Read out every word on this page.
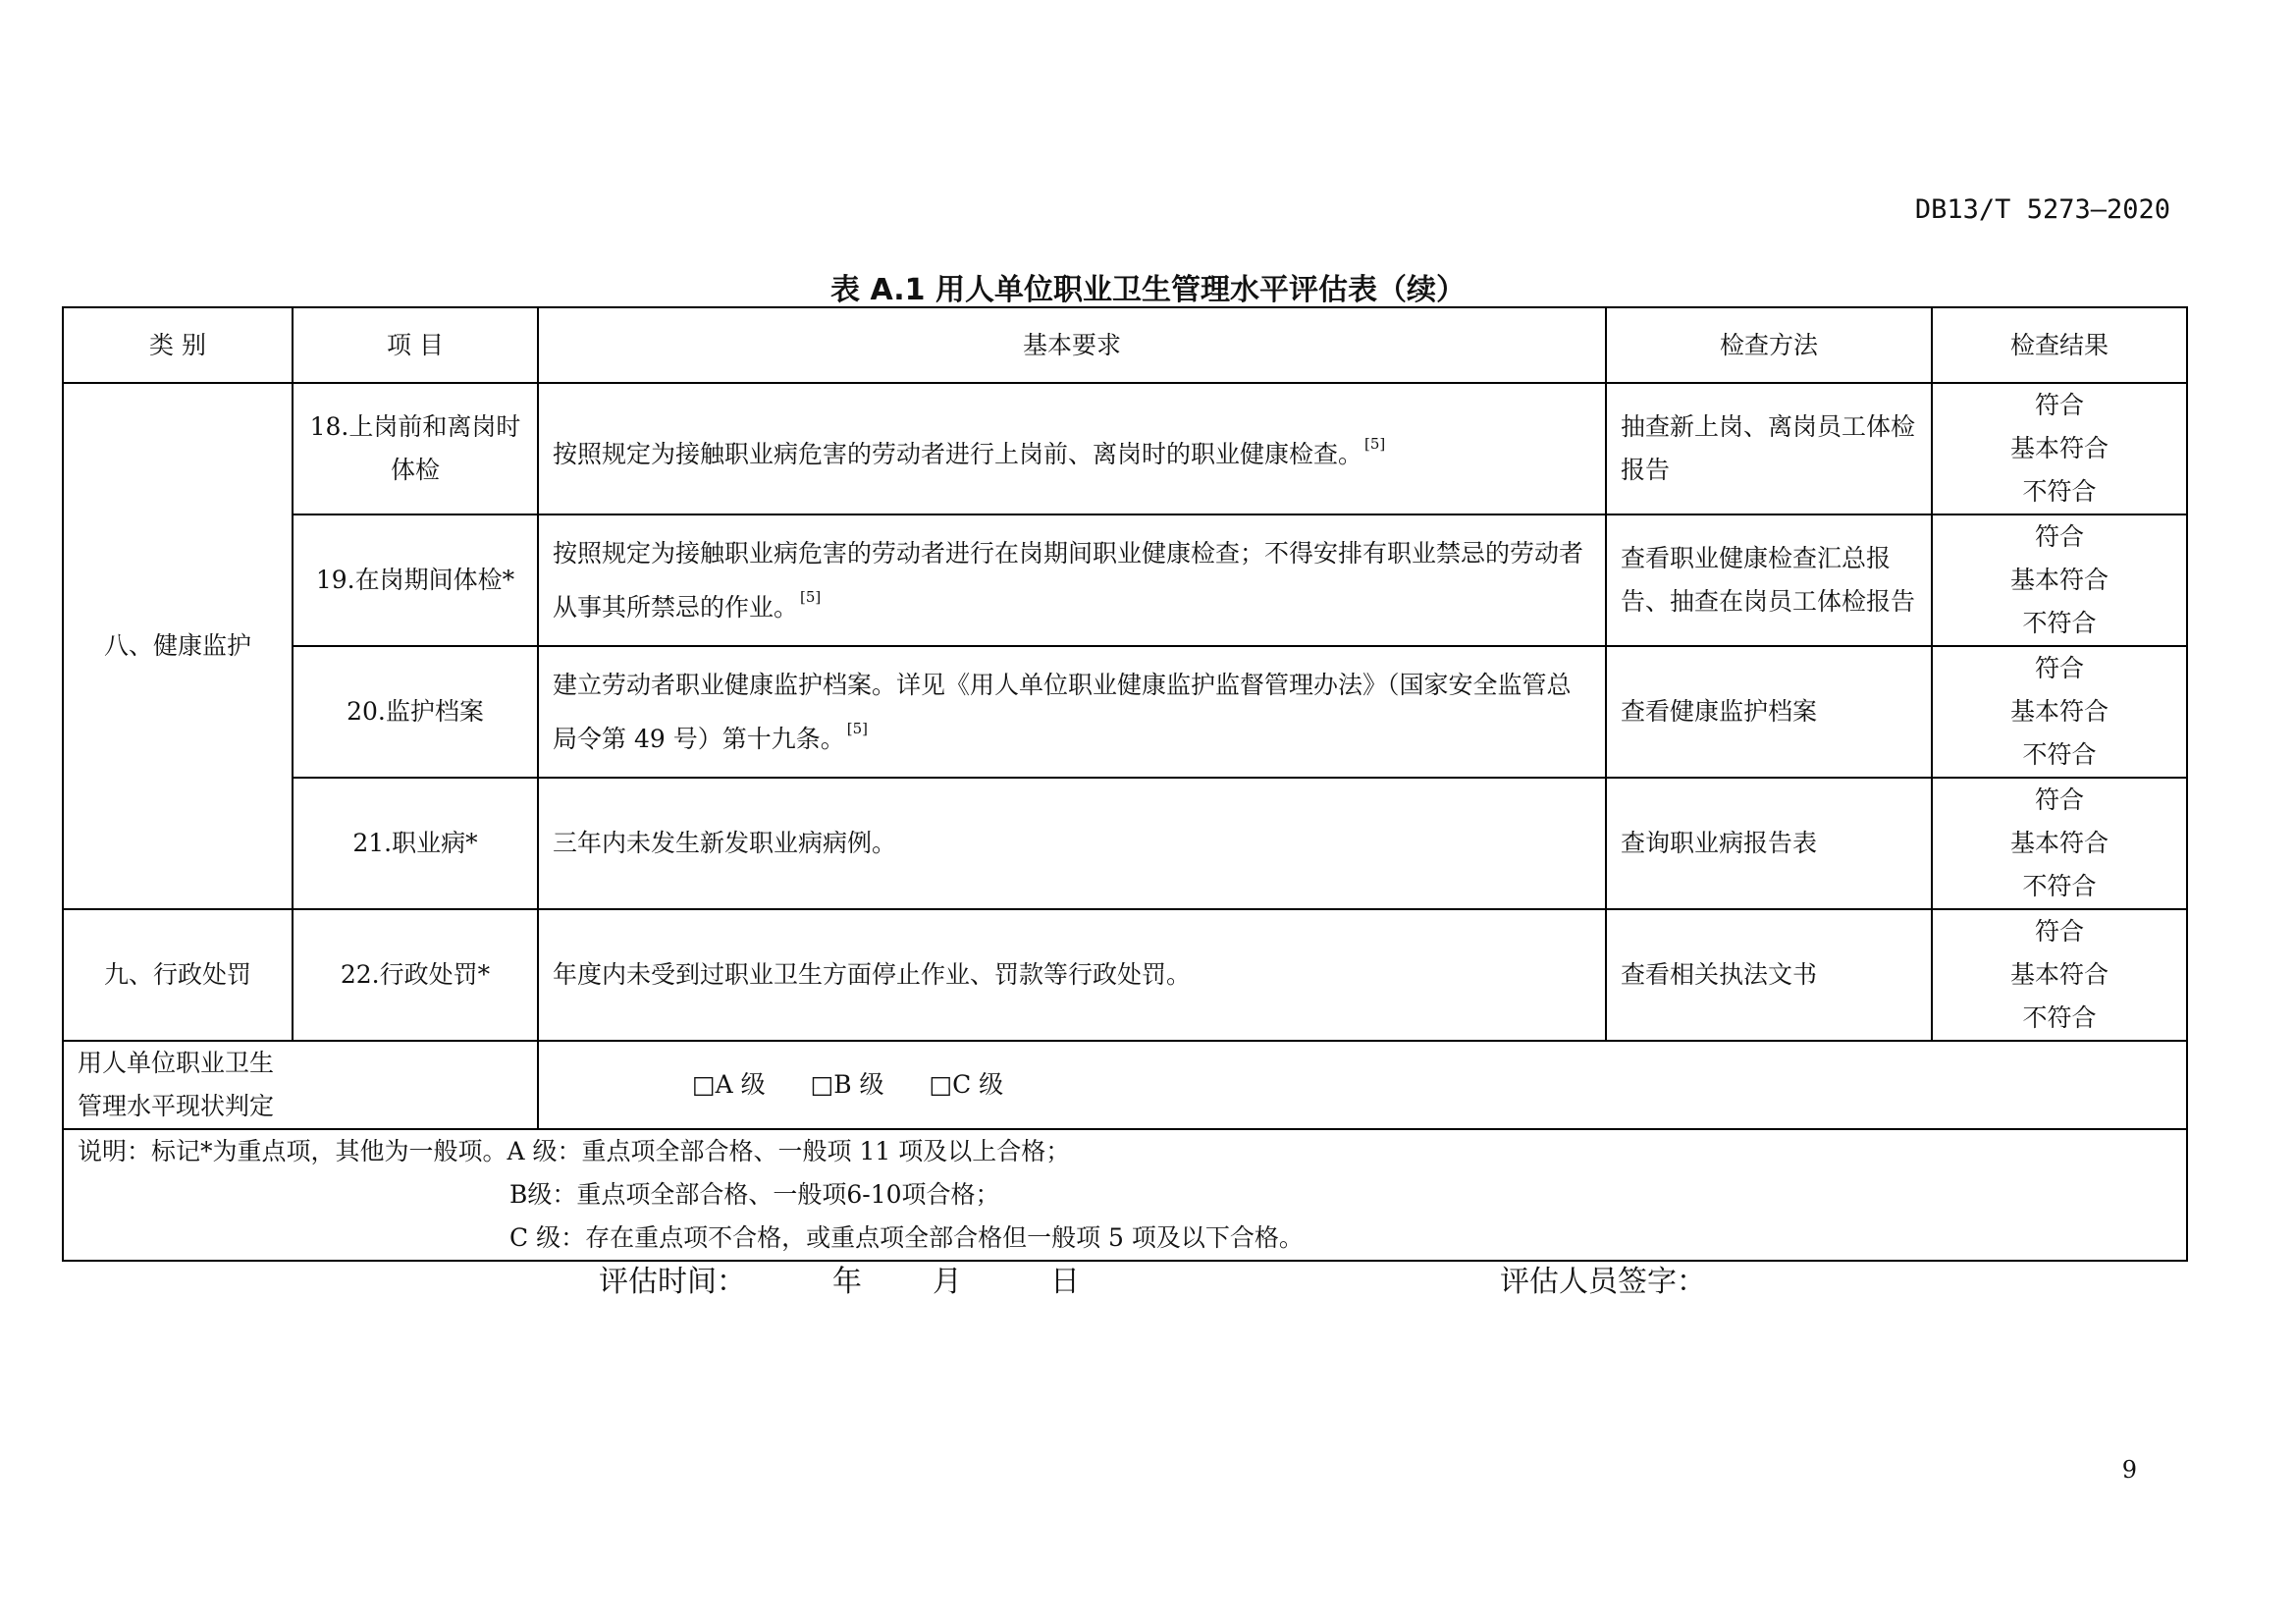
DB13/T 5273—2020
表 A.1 用人单位职业卫生管理水平评估表（续）
类 别	项 目	基本要求	检查方法	检查结果
八、健康监护	18.上岗前和离岗时体检	按照规定为接触职业病危害的劳动者进行上岗前、离岗时的职业健康检查。 [5]	抽查新上岗、离岗员工体检报告	符合
基本符合
不符合

	19.在岗期间体检*	按照规定为接触职业病危害的劳动者进行在岗期间职业健康检查；不得安排有职业禁忌的劳动者从事其所禁忌的作业。 [5]	查看职业健康检查汇总报告、抽查在岗员工体检报告	符合
基本符合
不符合

	20.监护档案	建立劳动者职业健康监护档案。详见《用人单位职业健康监护监督管理办法》（国家安全监管总局令第 49 号）第十九条。 [5]	查看健康监护档案	符合
基本符合
不符合

	21.职业病*	三年内未发生新发职业病病例。	查询职业病报告表	符合
基本符合
不符合

九、行政处罚	22.行政处罚*	年度内未受到过职业卫生方面停止作业、罚款等行政处罚。	查看相关执法文书	符合
基本符合
不符合

用人单位职业卫生
管理水平现状判定		□A 级 □B 级 □C 级		

说明：标记*为重点项，其他为一般项。A 级：重点项全部合格、一般项 11 项及以上合格；
B级：重点项全部合格、一般项6-10项合格；
C 级：存在重点项不合格，或重点项全部合格但一般项 5 项及以下合格。				
评估时间：	年 月	日	评估人员签字：
9
